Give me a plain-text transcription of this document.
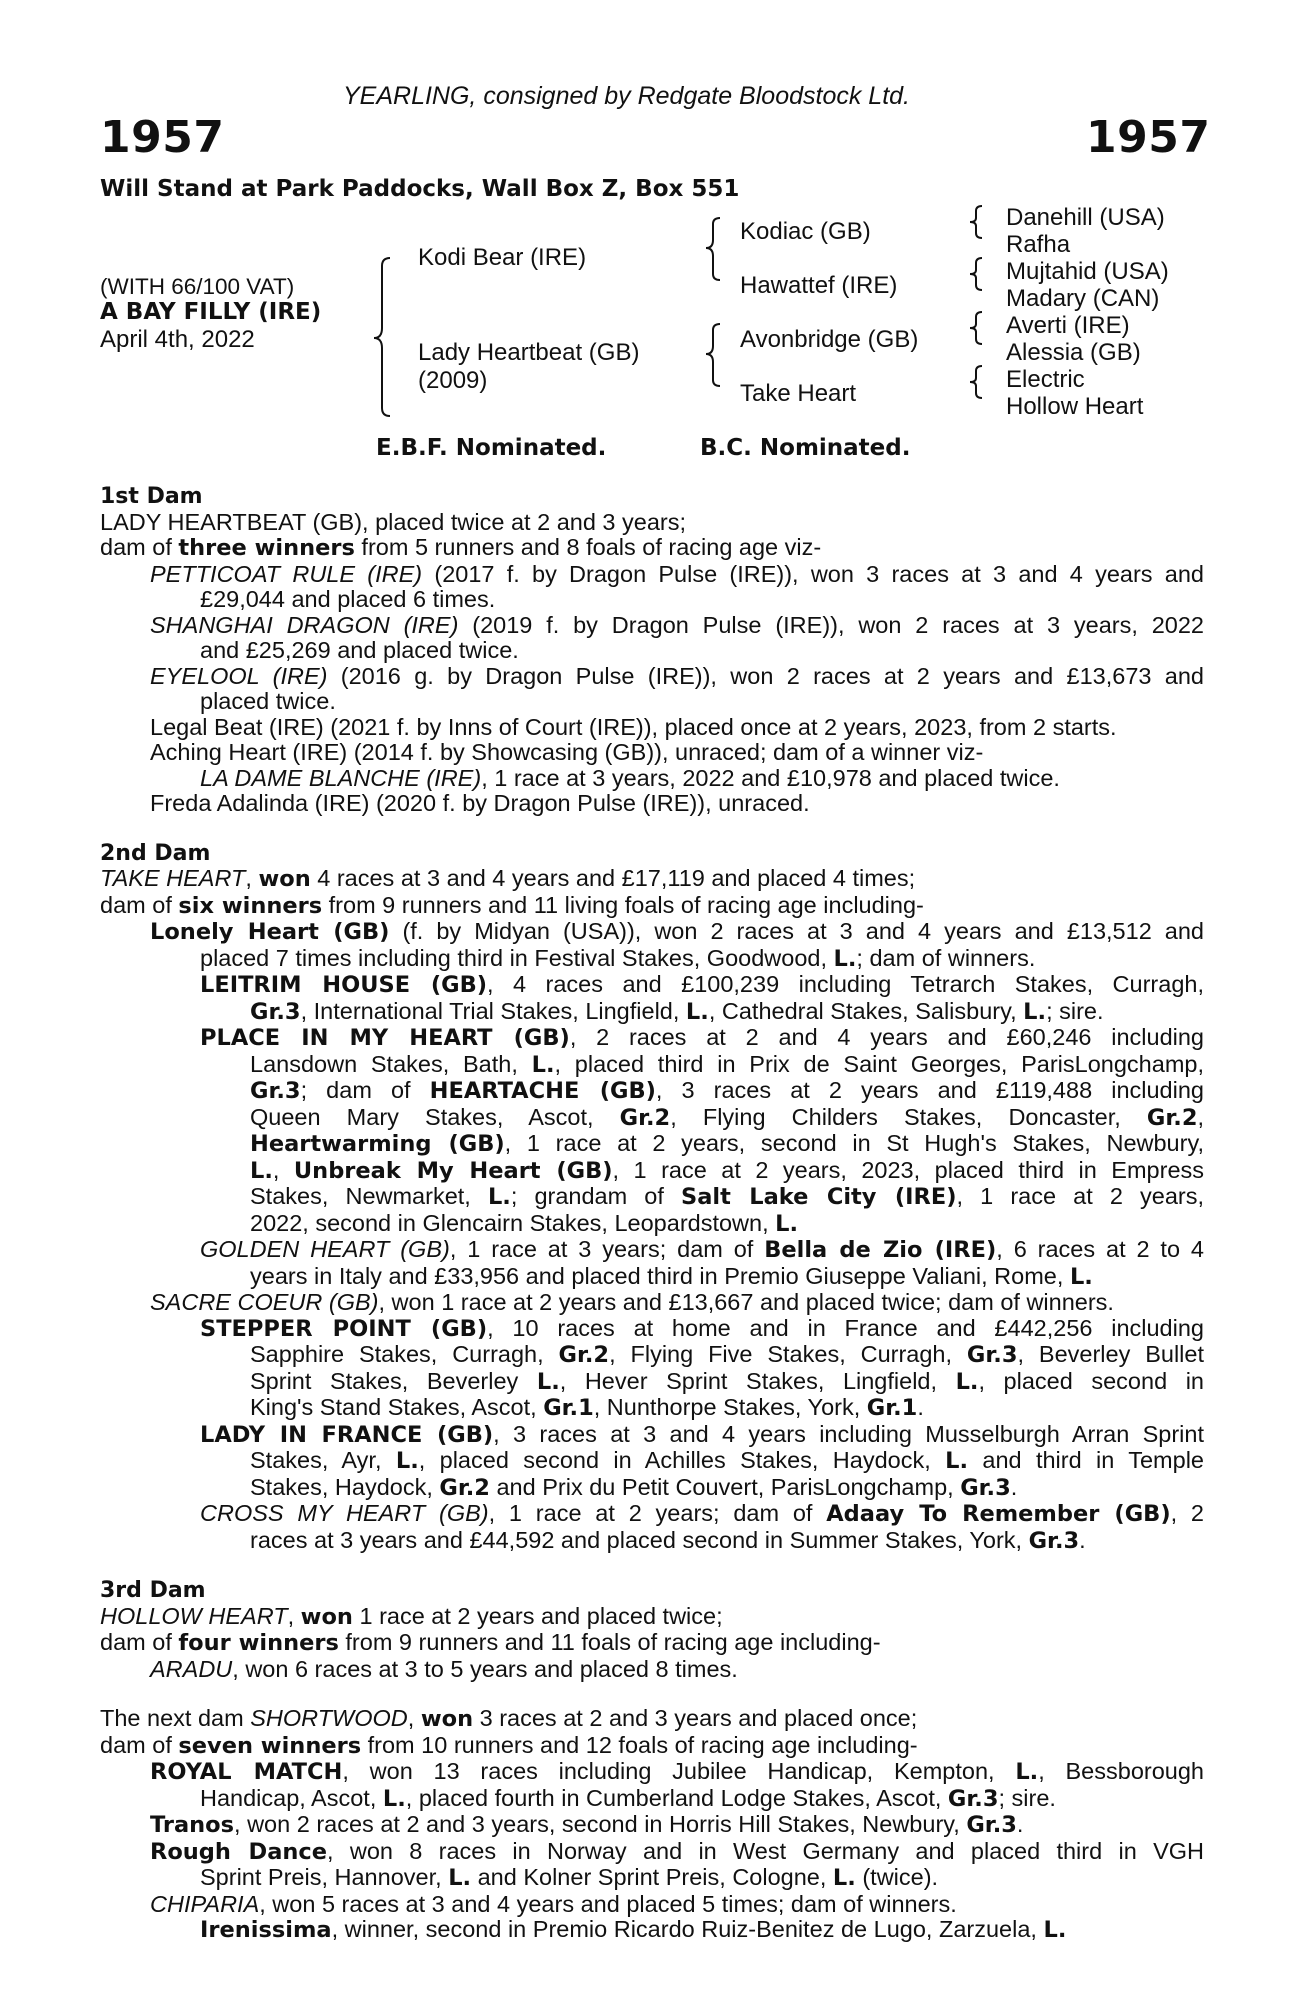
YEARLING, consigned by Redgate Bloodstock Ltd.
1957	1957
Will Stand at Park Paddocks, Wall Box Z, Box 551
(WITH 66/100 VAT)
A BAY FILLY (IRE)
April 4th, 2022
Kodi Bear (IRE)
Lady Heartbeat (GB)
(2009)
Kodiac (GB)
Hawattef (IRE)
Avonbridge (GB)
Take Heart
Danehill (USA)
Rafha
Mujtahid (USA)
Madary (CAN)
Averti (IRE)
Alessia (GB)
Electric
Hollow Heart
E.B.F. Nominated.	B.C. Nominated.
1st Dam
LADY HEARTBEAT (GB), placed twice at 2 and 3 years;
dam of three winners from 5 runners and 8 foals of racing age viz-
PETTICOAT RULE (IRE) (2017 f. by Dragon Pulse (IRE)), won 3 races at 3 and 4 years and
£29,044 and placed 6 times.
SHANGHAI DRAGON (IRE) (2019 f. by Dragon Pulse (IRE)), won 2 races at 3 years, 2022
and £25,269 and placed twice.
EYELOOL (IRE) (2016 g. by Dragon Pulse (IRE)), won 2 races at 2 years and £13,673 and
placed twice.
Legal Beat (IRE) (2021 f. by Inns of Court (IRE)), placed once at 2 years, 2023, from 2 starts.
Aching Heart (IRE) (2014 f. by Showcasing (GB)), unraced; dam of a winner viz-
LA DAME BLANCHE (IRE), 1 race at 3 years, 2022 and £10,978 and placed twice.
Freda Adalinda (IRE) (2020 f. by Dragon Pulse (IRE)), unraced.
2nd Dam
TAKE HEART, won 4 races at 3 and 4 years and £17,119 and placed 4 times;
dam of six winners from 9 runners and 11 living foals of racing age including-
Lonely Heart (GB) (f. by Midyan (USA)), won 2 races at 3 and 4 years and £13,512 and
placed 7 times including third in Festival Stakes, Goodwood, L.; dam of winners.
LEITRIM HOUSE (GB), 4 races and £100,239 including Tetrarch Stakes, Curragh,
Gr.3, International Trial Stakes, Lingfield, L., Cathedral Stakes, Salisbury, L.; sire.
PLACE IN MY HEART (GB), 2 races at 2 and 4 years and £60,246 including
Lansdown Stakes, Bath, L., placed third in Prix de Saint Georges, ParisLongchamp,
Gr.3; dam of HEARTACHE (GB), 3 races at 2 years and £119,488 including
Queen Mary Stakes, Ascot, Gr.2, Flying Childers Stakes, Doncaster, Gr.2,
Heartwarming (GB), 1 race at 2 years, second in St Hugh's Stakes, Newbury,
L., Unbreak My Heart (GB), 1 race at 2 years, 2023, placed third in Empress
Stakes, Newmarket, L.; grandam of Salt Lake City (IRE), 1 race at 2 years,
2022, second in Glencairn Stakes, Leopardstown, L.
GOLDEN HEART (GB), 1 race at 3 years; dam of Bella de Zio (IRE), 6 races at 2 to 4
years in Italy and £33,956 and placed third in Premio Giuseppe Valiani, Rome, L.
SACRE COEUR (GB), won 1 race at 2 years and £13,667 and placed twice; dam of winners.
STEPPER POINT (GB), 10 races at home and in France and £442,256 including
Sapphire Stakes, Curragh, Gr.2, Flying Five Stakes, Curragh, Gr.3, Beverley Bullet
Sprint Stakes, Beverley L., Hever Sprint Stakes, Lingfield, L., placed second in
King's Stand Stakes, Ascot, Gr.1, Nunthorpe Stakes, York, Gr.1.
LADY IN FRANCE (GB), 3 races at 3 and 4 years including Musselburgh Arran Sprint
Stakes, Ayr, L., placed second in Achilles Stakes, Haydock, L. and third in Temple
Stakes, Haydock, Gr.2 and Prix du Petit Couvert, ParisLongchamp, Gr.3.
CROSS MY HEART (GB), 1 race at 2 years; dam of Adaay To Remember (GB), 2
races at 3 years and £44,592 and placed second in Summer Stakes, York, Gr.3.
3rd Dam
HOLLOW HEART, won 1 race at 2 years and placed twice;
dam of four winners from 9 runners and 11 foals of racing age including-
ARADU, won 6 races at 3 to 5 years and placed 8 times.
The next dam SHORTWOOD, won 3 races at 2 and 3 years and placed once;
dam of seven winners from 10 runners and 12 foals of racing age including-
ROYAL MATCH, won 13 races including Jubilee Handicap, Kempton, L., Bessborough
Handicap, Ascot, L., placed fourth in Cumberland Lodge Stakes, Ascot, Gr.3; sire.
Tranos, won 2 races at 2 and 3 years, second in Horris Hill Stakes, Newbury, Gr.3.
Rough Dance, won 8 races in Norway and in West Germany and placed third in VGH
Sprint Preis, Hannover, L. and Kolner Sprint Preis, Cologne, L. (twice).
CHIPARIA, won 5 races at 3 and 4 years and placed 5 times; dam of winners.
Irenissima, winner, second in Premio Ricardo Ruiz-Benitez de Lugo, Zarzuela, L.
